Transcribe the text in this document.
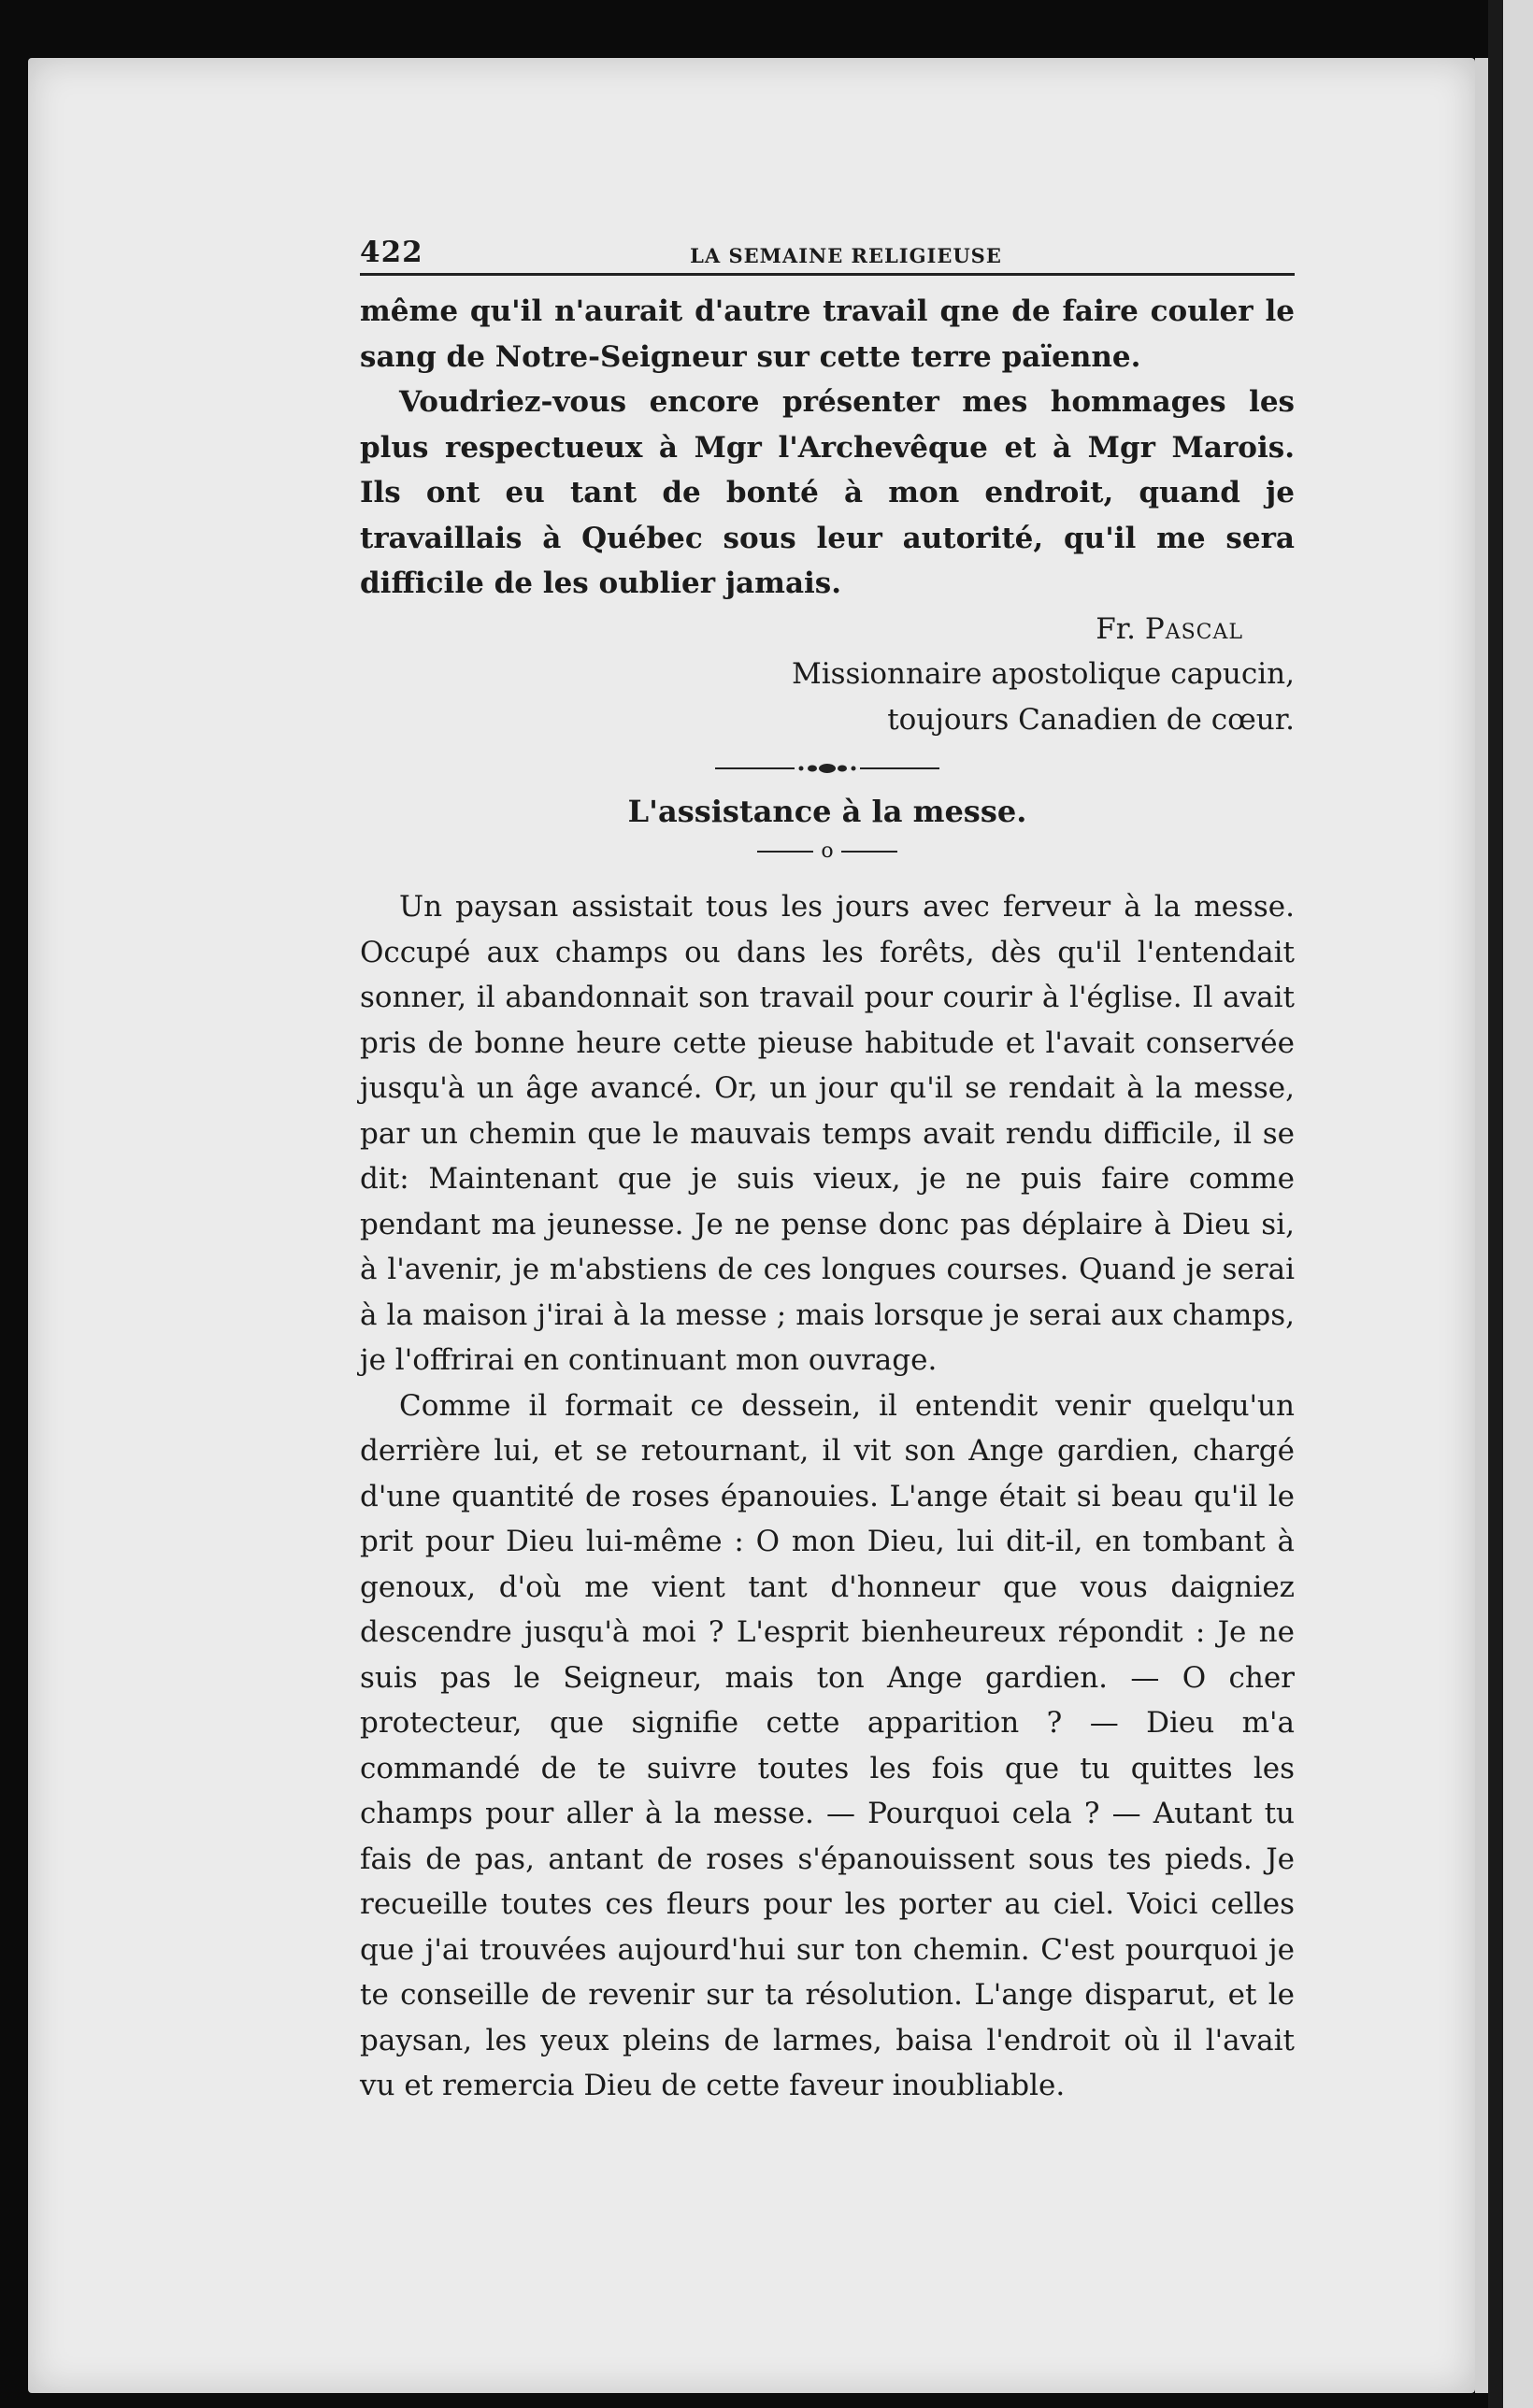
422	LA SEMAINE RELIGIEUSE

même qu'il n'aurait d'autre travail qne de faire couler le sang de Notre-Seigneur sur cette terre païenne.

Voudriez-vous encore présenter mes hommages les plus respectueux à Mgr l'Archevêque et à Mgr Marois. Ils ont eu tant de bonté à mon endroit, quand je travaillais à Québec sous leur autorité, qu'il me sera difficile de les oublier jamais.

Fr. Pascal

Missionnaire apostolique capucin,

toujours Canadien de cœur.

L'assistance à la messe.
o

Un paysan assistait tous les jours avec ferveur à la messe. Occupé aux champs ou dans les forêts, dès qu'il l'entendait sonner, il abandonnait son travail pour courir à l'église. Il avait pris de bonne heure cette pieuse habitude et l'avait conservée jusqu'à un âge avancé. Or, un jour qu'il se rendait à la messe, par un chemin que le mauvais temps avait rendu difficile, il se dit: Maintenant que je suis vieux, je ne puis faire comme pendant ma jeunesse. Je ne pense donc pas déplaire à Dieu si, à l'avenir, je m'abstiens de ces longues courses. Quand je serai à la maison j'irai à la messe ; mais lorsque je serai aux champs, je l'offrirai en continuant mon ouvrage.

Comme il formait ce dessein, il entendit venir quelqu'un derrière lui, et se retournant, il vit son Ange gardien, chargé d'une quantité de roses épanouies. L'ange était si beau qu'il le prit pour Dieu lui-même : O mon Dieu, lui dit-il, en tombant à genoux, d'où me vient tant d'honneur que vous daigniez descendre jusqu'à moi ? L'esprit bienheureux répondit : Je ne suis pas le Seigneur, mais ton Ange gardien. — O cher protecteur, que signifie cette apparition ? — Dieu m'a commandé de te suivre toutes les fois que tu quittes les champs pour aller à la messe. — Pourquoi cela ? — Autant tu fais de pas, antant de roses s'épanouissent sous tes pieds. Je recueille toutes ces fleurs pour les porter au ciel. Voici celles que j'ai trouvées aujourd'hui sur ton chemin. C'est pourquoi je te conseille de revenir sur ta résolution. L'ange disparut, et le paysan, les yeux pleins de larmes, baisa l'endroit où il l'avait vu et remercia Dieu de cette faveur inoubliable.
